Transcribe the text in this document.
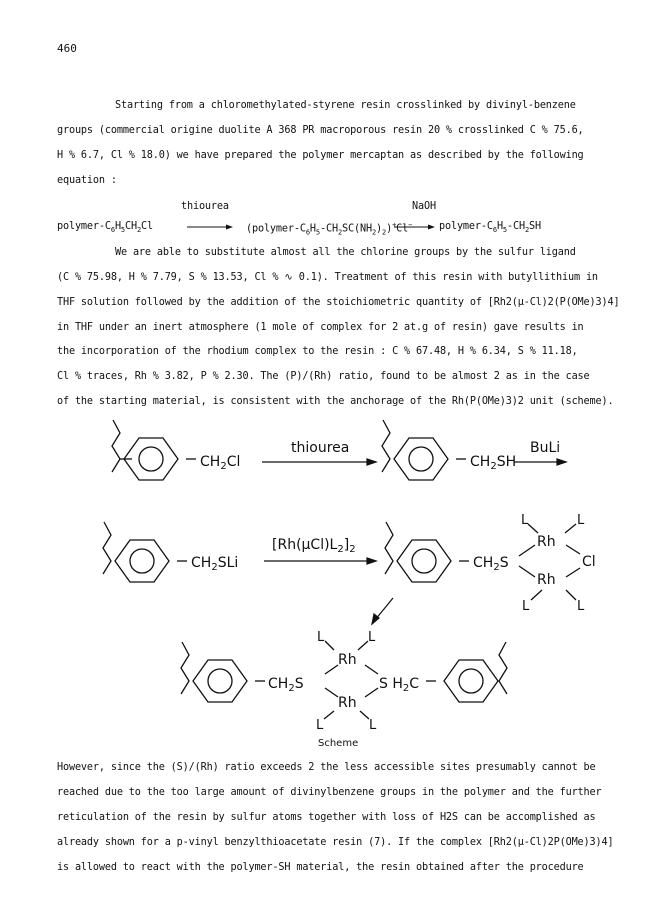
460
Starting from a chloromethylated-styrene resin crosslinked by divinyl-benzene
groups (commercial origine duolite A 368 PR macroporous resin 20 % crosslinked C % 75.6,
H % 6.7, Cl % 18.0) we have prepared the polymer mercaptan as described by the following
equation :
thiourea	NaOH
polymer-$C_6H_5CH_2Cl$	$(polymer-C_6H_5-CH_2SC(NH_2)_2)^+Cl^-$	polymer-$C_6H_5-CH_2SH$
We are able to substitute almost all the chlorine groups by the sulfur ligand
(C % 75.98, H % 7.79, S % 13.53, Cl % ∿ 0.1). Treatment of this resin with butyllithium in
THF solution followed by the addition of the stoichiometric quantity of [Rh2(μ-Cl)2(P(OMe)3)4]
in THF under an inert atmosphere (1 mole of complex for 2 at.g of resin) gave results in
the incorporation of the rhodium complex to the resin : C % 67.48, H % 6.34, S % 11.18,
Cl % traces, Rh % 3.82, P % 2.30. The (P)/(Rh) ratio, found to be almost 2 as in the case
of the starting material, is consistent with the anchorage of the Rh(P(OMe)3)2 unit (scheme).
$CH_2Cl$
thiourea
$CH_2SH$
BuLi
$CH_2SLi$
$[Rh(\mu Cl)L_2]_2$
$CH_2S$
Rh
Rh
Cl
L	L
L	L
$CH_2S$	S $H_2C$
Rh
Rh
L	L
L	L
Scheme
However, since the (S)/(Rh) ratio exceeds 2 the less accessible sites presumably cannot be
reached due to the too large amount of divinylbenzene groups in the polymer and the further
reticulation of the resin by sulfur atoms together with loss of H2S can be accomplished as
already shown for a p-vinyl benzylthioacetate resin (7). If the complex [Rh2(μ-Cl)2P(OMe)3)4]
is allowed to react with the polymer-SH material, the resin obtained after the procedure
